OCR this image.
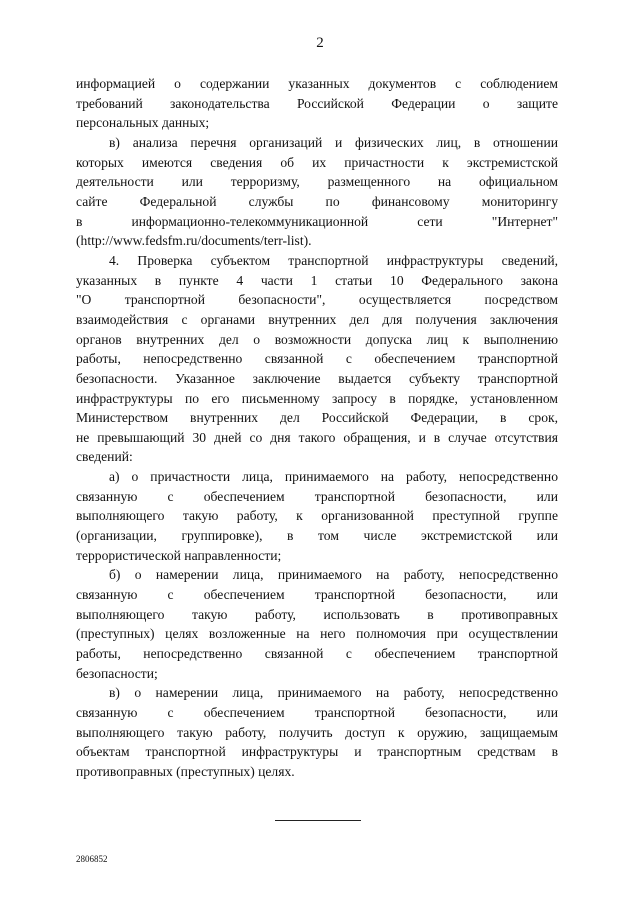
2

информацией о содержании указанных документов с соблюдением
требований законодательства Российской Федерации о защите
персональных данных;

в) анализа перечня организаций и физических лиц, в отношении
которых имеются сведения об их причастности к экстремистской
деятельности или терроризму, размещенного на официальном
сайте Федеральной службы по финансовому мониторингу
в информационно-телекоммуникационной сети "Интернет"
(http://www.fedsfm.ru/documents/terr-list).

4. Проверка субъектом транспортной инфраструктуры сведений,
указанных в пункте 4 части 1 статьи 10 Федерального закона
"О транспортной безопасности", осуществляется посредством
взаимодействия с органами внутренних дел для получения заключения
органов внутренних дел о возможности допуска лиц к выполнению
работы, непосредственно связанной с обеспечением транспортной
безопасности. Указанное заключение выдается субъекту транспортной
инфраструктуры по его письменному запросу в порядке, установленном
Министерством внутренних дел Российской Федерации, в срок,
не превышающий 30 дней со дня такого обращения, и в случае отсутствия
сведений:

а) о причастности лица, принимаемого на работу, непосредственно
связанную с обеспечением транспортной безопасности, или
выполняющего такую работу, к организованной преступной группе
(организации, группировке), в том числе экстремистской или
террористической направленности;

б) о намерении лица, принимаемого на работу, непосредственно
связанную с обеспечением транспортной безопасности, или
выполняющего такую работу, использовать в противоправных
(преступных) целях возложенные на него полномочия при осуществлении
работы, непосредственно связанной с обеспечением транспортной
безопасности;

в) о намерении лица, принимаемого на работу, непосредственно
связанную с обеспечением транспортной безопасности, или
выполняющего такую работу, получить доступ к оружию, защищаемым
объектам транспортной инфраструктуры и транспортным средствам в
противоправных (преступных) целях.

2806852
